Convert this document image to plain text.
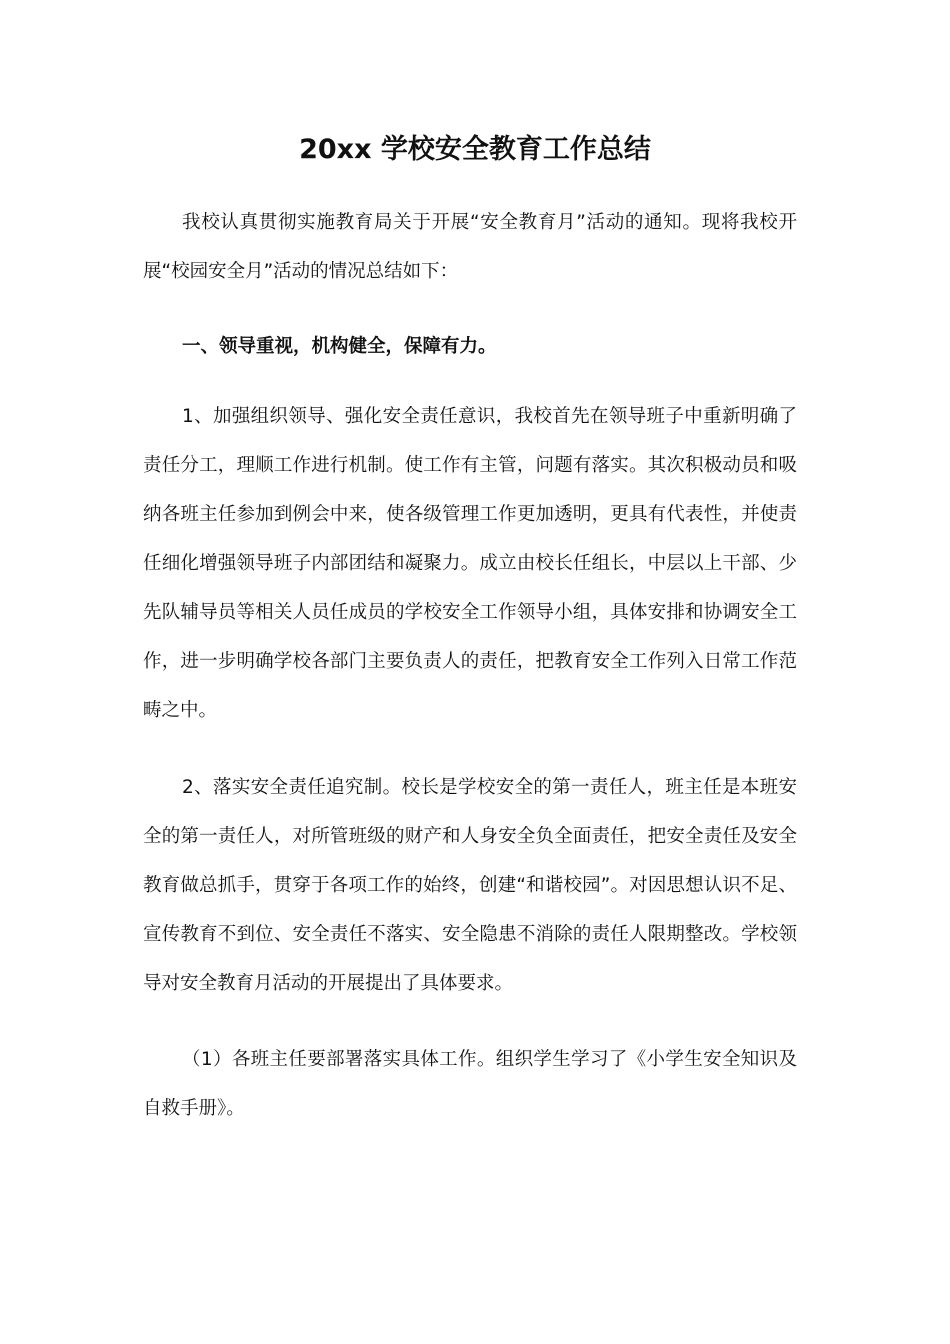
20xx 学校安全教育工作总结

我校认真贯彻实施教育局关于开展“安全教育月”活动的通知。现将我校开展“校园安全月”活动的情况总结如下：

一、领导重视，机构健全，保障有力。

1、加强组织领导、强化安全责任意识，我校首先在领导班子中重新明确了责任分工，理顺工作进行机制。使工作有主管，问题有落实。其次积极动员和吸纳各班主任参加到例会中来，使各级管理工作更加透明，更具有代表性，并使责任细化增强领导班子内部团结和凝聚力。成立由校长任组长，中层以上干部、少先队辅导员等相关人员任成员的学校安全工作领导小组，具体安排和协调安全工作，进一步明确学校各部门主要负责人的责任，把教育安全工作列入日常工作范畴之中。

2、落实安全责任追究制。校长是学校安全的第一责任人，班主任是本班安全的第一责任人，对所管班级的财产和人身安全负全面责任，把安全责任及安全教育做总抓手，贯穿于各项工作的始终，创建“和谐校园”。对因思想认识不足、宣传教育不到位、安全责任不落实、安全隐患不消除的责任人限期整改。学校领导对安全教育月活动的开展提出了具体要求。

（1）各班主任要部署落实具体工作。组织学生学习了《小学生安全知识及自救手册》。
